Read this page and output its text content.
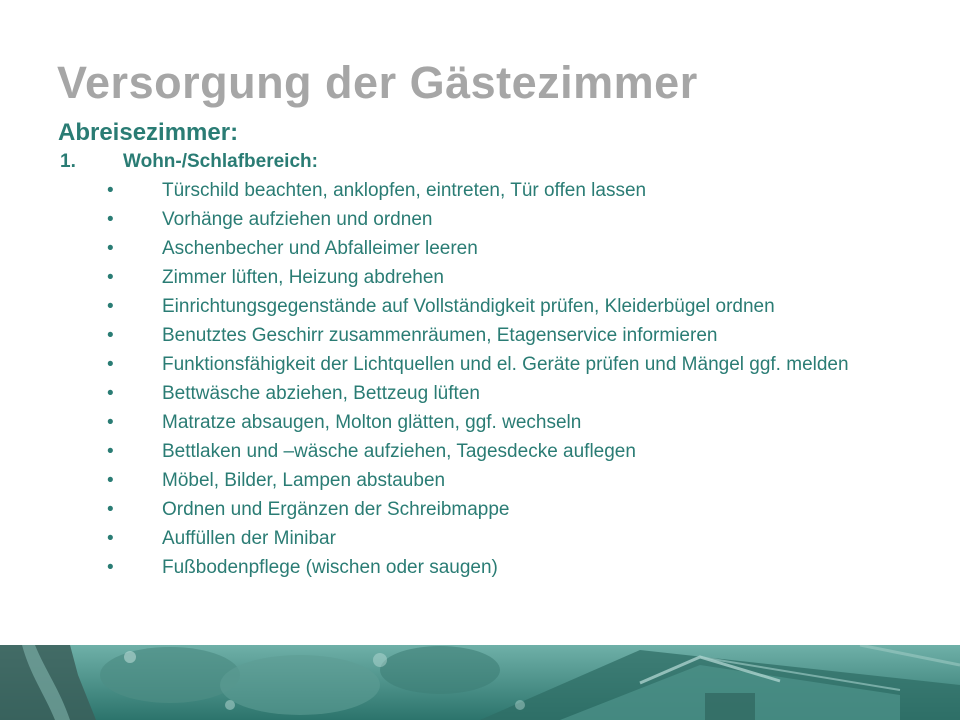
Versorgung der Gästezimmer
Abreisezimmer:
1. Wohn-/Schlafbereich:
•	Türschild beachten, anklopfen, eintreten, Tür offen lassen
•	Vorhänge aufziehen und ordnen
•	Aschenbecher und Abfalleimer leeren
•	Zimmer lüften, Heizung abdrehen
•	Einrichtungsgegenstände auf Vollständigkeit prüfen, Kleiderbügel ordnen
•	Benutztes Geschirr zusammenräumen, Etagenservice informieren
•	Funktionsfähigkeit der Lichtquellen und el. Geräte prüfen und Mängel ggf. melden
•	Bettwäsche abziehen, Bettzeug lüften
•	Matratze absaugen, Molton glätten, ggf. wechseln
•	Bettlaken und –wäsche aufziehen, Tagesdecke auflegen
•	Möbel, Bilder, Lampen abstauben
•	Ordnen und Ergänzen der Schreibmappe
•	Auffüllen der Minibar
•	Fußbodenpflege (wischen oder saugen)
